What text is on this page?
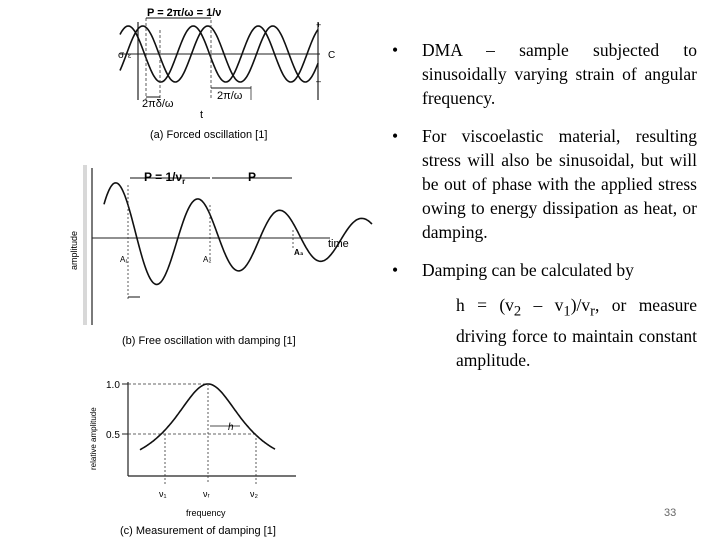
P = 2π/ω = 1/ν
σ ε	C
+
–
2πδ/ω
2π/ω
t
(a) Forced oscillation [1]
$P = 1/\nu_r$	P
amplitude	time
A₁	A₂
A₃
(b) Free oscillation with damping [1]
1.0
0.5
relative amplitude	h
ν₁	νᵣ	ν₂
frequency
(c) Measurement of damping [1]
• DMA – sample subjected to sinusoidally varying strain of angular frequency.
• For viscoelastic material, resulting stress will also be sinusoidal, but will be out of phase with the applied stress owing to energy dissipation as heat, or damping.
• Damping can be calculated by
$h = (v_2 - v_1)/v_r$, or measure driving force to maintain constant amplitude.
33
